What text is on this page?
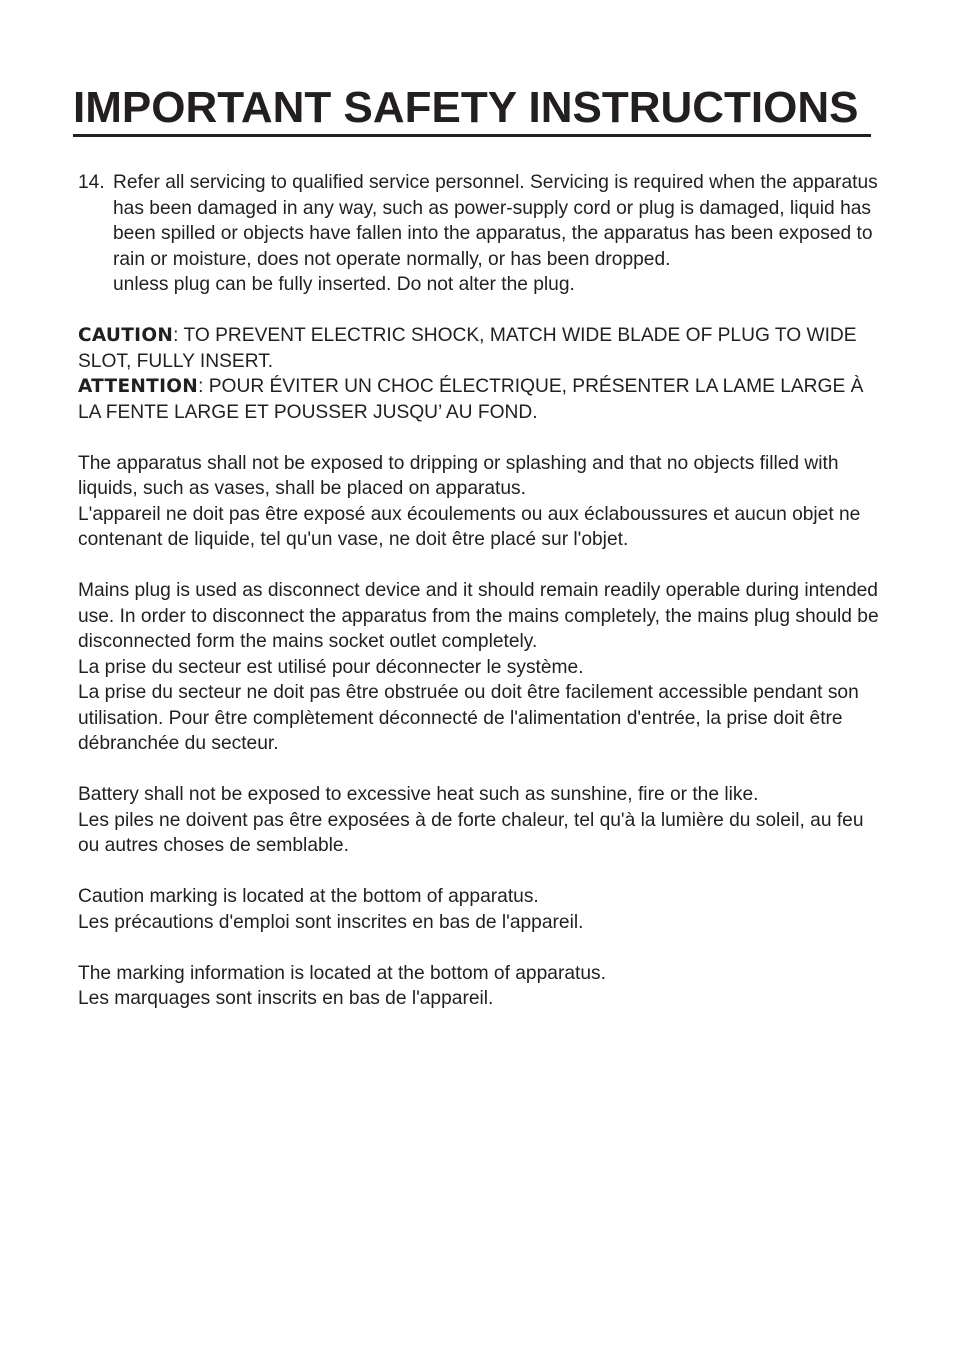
IMPORTANT SAFETY INSTRUCTIONS
14. Refer all servicing to qualified service personnel. Servicing is required when the apparatus has been damaged in any way, such as power-supply cord or plug is damaged, liquid has been spilled or objects have fallen into the apparatus, the apparatus has been exposed to rain or moisture, does not operate normally, or has been dropped.

unless plug can be fully inserted. Do not alter the plug.

CAUTION: TO PREVENT ELECTRIC SHOCK, MATCH WIDE BLADE OF PLUG TO WIDE SLOT, FULLY INSERT.

ATTENTION: POUR ÉVITER UN CHOC ÉLECTRIQUE, PRÉSENTER LA LAME LARGE À LA FENTE LARGE ET POUSSER JUSQU’ AU FOND.

The apparatus shall not be exposed to dripping or splashing and that no objects filled with liquids, such as vases, shall be placed on apparatus.

L'appareil ne doit pas être exposé aux écoulements ou aux éclaboussures et aucun objet ne contenant de liquide, tel qu'un vase, ne doit être placé sur l'objet.

Mains plug is used as disconnect device and it should remain readily operable during intended use. In order to disconnect the apparatus from the mains completely, the mains plug should be disconnected form the mains socket outlet completely.

La prise du secteur est utilisé pour déconnecter le système.

La prise du secteur ne doit pas être obstruée ou doit être facilement accessible pendant son utilisation. Pour être complètement déconnecté de l'alimentation d'entrée, la prise doit être débranchée du secteur.

Battery shall not be exposed to excessive heat such as sunshine, fire or the like.

Les piles ne doivent pas être exposées à de forte chaleur, tel qu'à la lumière du soleil, au feu ou autres choses de semblable.

Caution marking is located at the bottom of apparatus.

Les précautions d'emploi sont inscrites en bas de l'appareil.

The marking information is located at the bottom of apparatus.

Les marquages sont inscrits en bas de l'appareil.
